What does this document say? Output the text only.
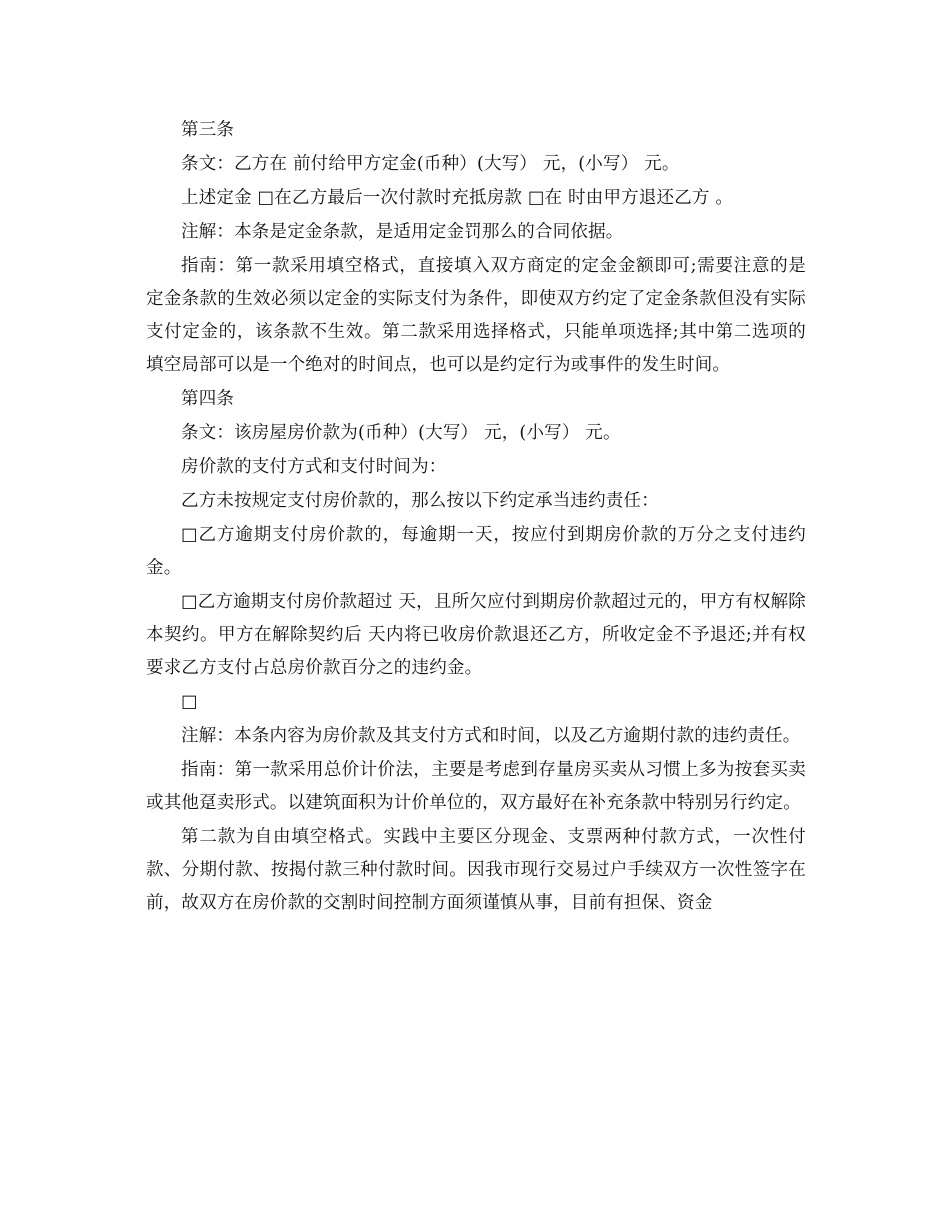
第三条

条文：乙方在 前付给甲方定金(币种）(大写） 元，(小写） 元。

上述定金 □在乙方最后一次付款时充抵房款 □在 时由甲方退还乙方 。

注解：本条是定金条款，是适用定金罚那么的合同依据。

指南：第一款采用填空格式，直接填入双方商定的定金金额即可;需要注意的是定金条款的生效必须以定金的实际支付为条件，即使双方约定了定金条款但没有实际支付定金的，该条款不生效。第二款采用选择格式，只能单项选择;其中第二选项的填空局部可以是一个绝对的时间点，也可以是约定行为或事件的发生时间。

第四条

条文：该房屋房价款为(币种）(大写） 元，(小写） 元。

房价款的支付方式和支付时间为：

乙方未按规定支付房价款的，那么按以下约定承当违约责任：

□乙方逾期支付房价款的，每逾期一天，按应付到期房价款的万分之支付违约金。

□乙方逾期支付房价款超过 天，且所欠应付到期房价款超过元的，甲方有权解除本契约。甲方在解除契约后 天内将已收房价款退还乙方，所收定金不予退还;并有权要求乙方支付占总房价款百分之的违约金。

□

注解：本条内容为房价款及其支付方式和时间，以及乙方逾期付款的违约责任。

指南：第一款采用总价计价法，主要是考虑到存量房买卖从习惯上多为按套买卖或其他趸卖形式。以建筑面积为计价单位的，双方最好在补充条款中特别另行约定。

第二款为自由填空格式。实践中主要区分现金、支票两种付款方式，一次性付款、分期付款、按揭付款三种付款时间。因我市现行交易过户手续双方一次性签字在前，故双方在房价款的交割时间控制方面须谨慎从事，目前有担保、资金
